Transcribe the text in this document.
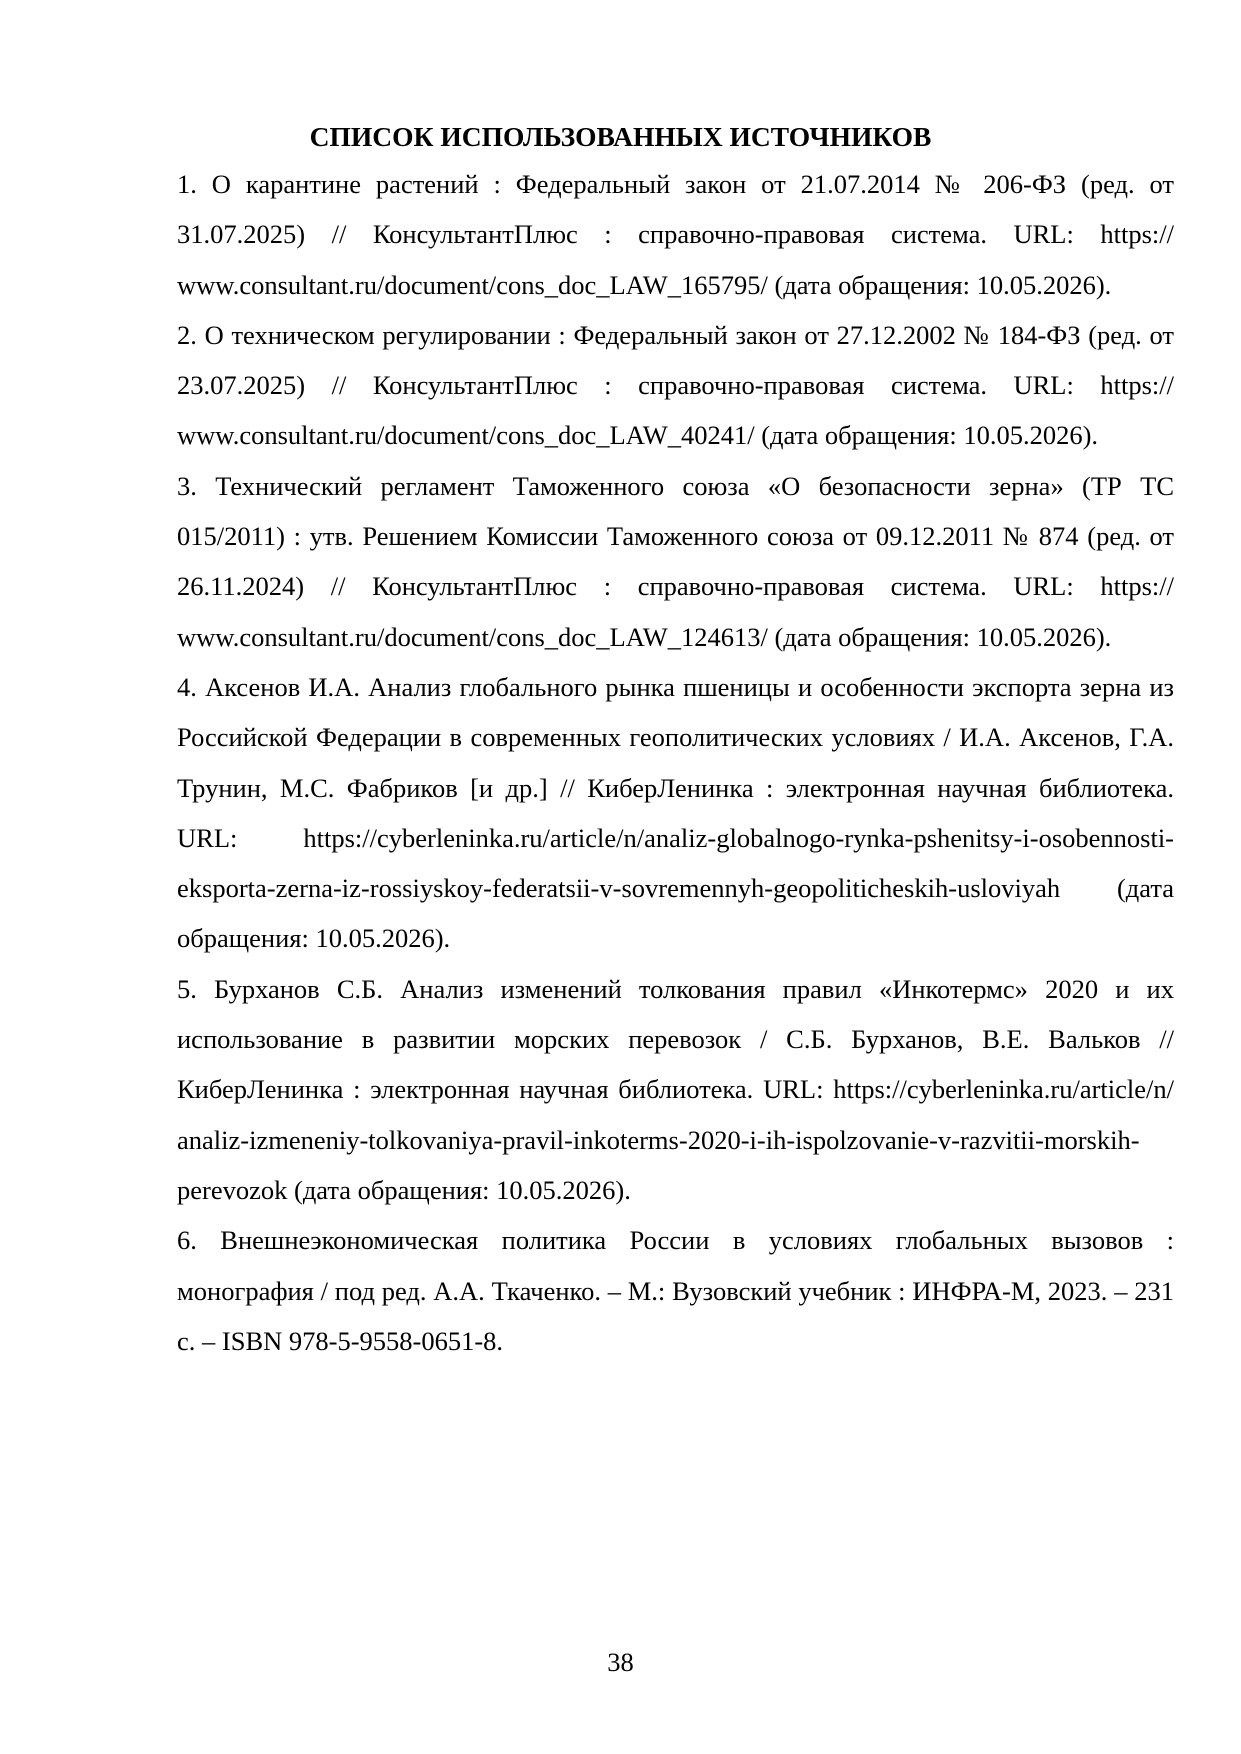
СПИСОК ИСПОЛЬЗОВАННЫХ ИСТОЧНИКОВ

1. О карантине растений : Федеральный закон от 21.07.2014 № 206-ФЗ (ред. от 31.07.2025) // КонсультантПлюс : справочно-правовая система. URL: https://www.consultant.ru/document/cons_doc_LAW_165795/ (дата обращения: 10.05.2026).

2. О техническом регулировании : Федеральный закон от 27.12.2002 № 184-ФЗ (ред. от 23.07.2025) // КонсультантПлюс : справочно-правовая система. URL: https://www.consultant.ru/document/cons_doc_LAW_40241/ (дата обращения: 10.05.2026).

3. Технический регламент Таможенного союза «О безопасности зерна» (ТР ТС 015/2011) : утв. Решением Комиссии Таможенного союза от 09.12.2011 № 874 (ред. от 26.11.2024) // КонсультантПлюс : справочно-правовая система. URL: https://www.consultant.ru/document/cons_doc_LAW_124613/ (дата обращения: 10.05.2026).

4. Аксенов И.А. Анализ глобального рынка пшеницы и особенности экспорта зерна из Российской Федерации в современных геополитических условиях / И.А. Аксенов, Г.А. Трунин, М.С. Фабриков [и др.] // КиберЛенинка : электронная научная библиотека. URL: https://cyberleninka.ru/article/n/analiz-globalnogo-rynka-pshenitsy-i-osobennosti-eksporta-zerna-iz-rossiyskoy-federatsii-v-sovremennyh-geopoliticheskih-usloviyah (дата обращения: 10.05.2026).

5. Бурханов С.Б. Анализ изменений толкования правил «Инкотермс» 2020 и их использование в развитии морских перевозок / С.Б. Бурханов, В.Е. Вальков // КиберЛенинка : электронная научная библиотека. URL: https://cyberleninka.ru/article/n/analiz-izmeneniy-tolkovaniya-pravil-inkoterms-2020-i-ih-ispolzovanie-v-razvitii-morskih-perevozok (дата обращения: 10.05.2026).

6. Внешнеэкономическая политика России в условиях глобальных вызовов : монография / под ред. А.А. Ткаченко. – М.: Вузовский учебник : ИНФРА-М, 2023. – 231 с. – ISBN 978-5-9558-0651-8.

38
